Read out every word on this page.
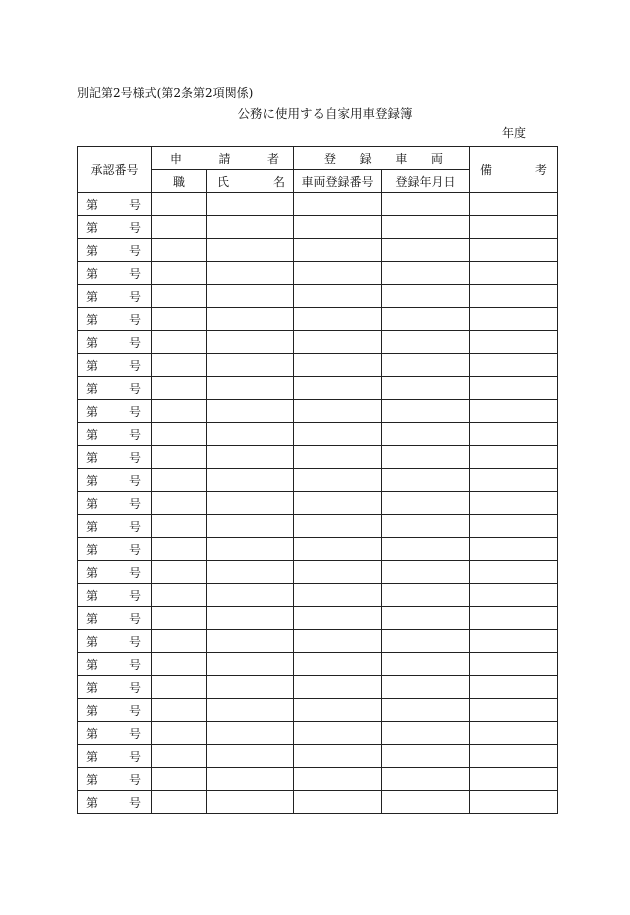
別記第2号様式(第2条第2項関係)
公務に使用する自家用車登録簿
年度
承認番号	申 請 者		登 録 車 両		備 考

	職	氏 名	車両登録番号	登録年月日	

第 号					

第 号					

第 号					

第 号					

第 号					

第 号					

第 号					

第 号					

第 号					

第 号					

第 号					

第 号					

第 号					

第 号					

第 号					

第 号					

第 号					

第 号					

第 号					

第 号					

第 号					

第 号					

第 号					

第 号					

第 号					

第 号					

第 号					
